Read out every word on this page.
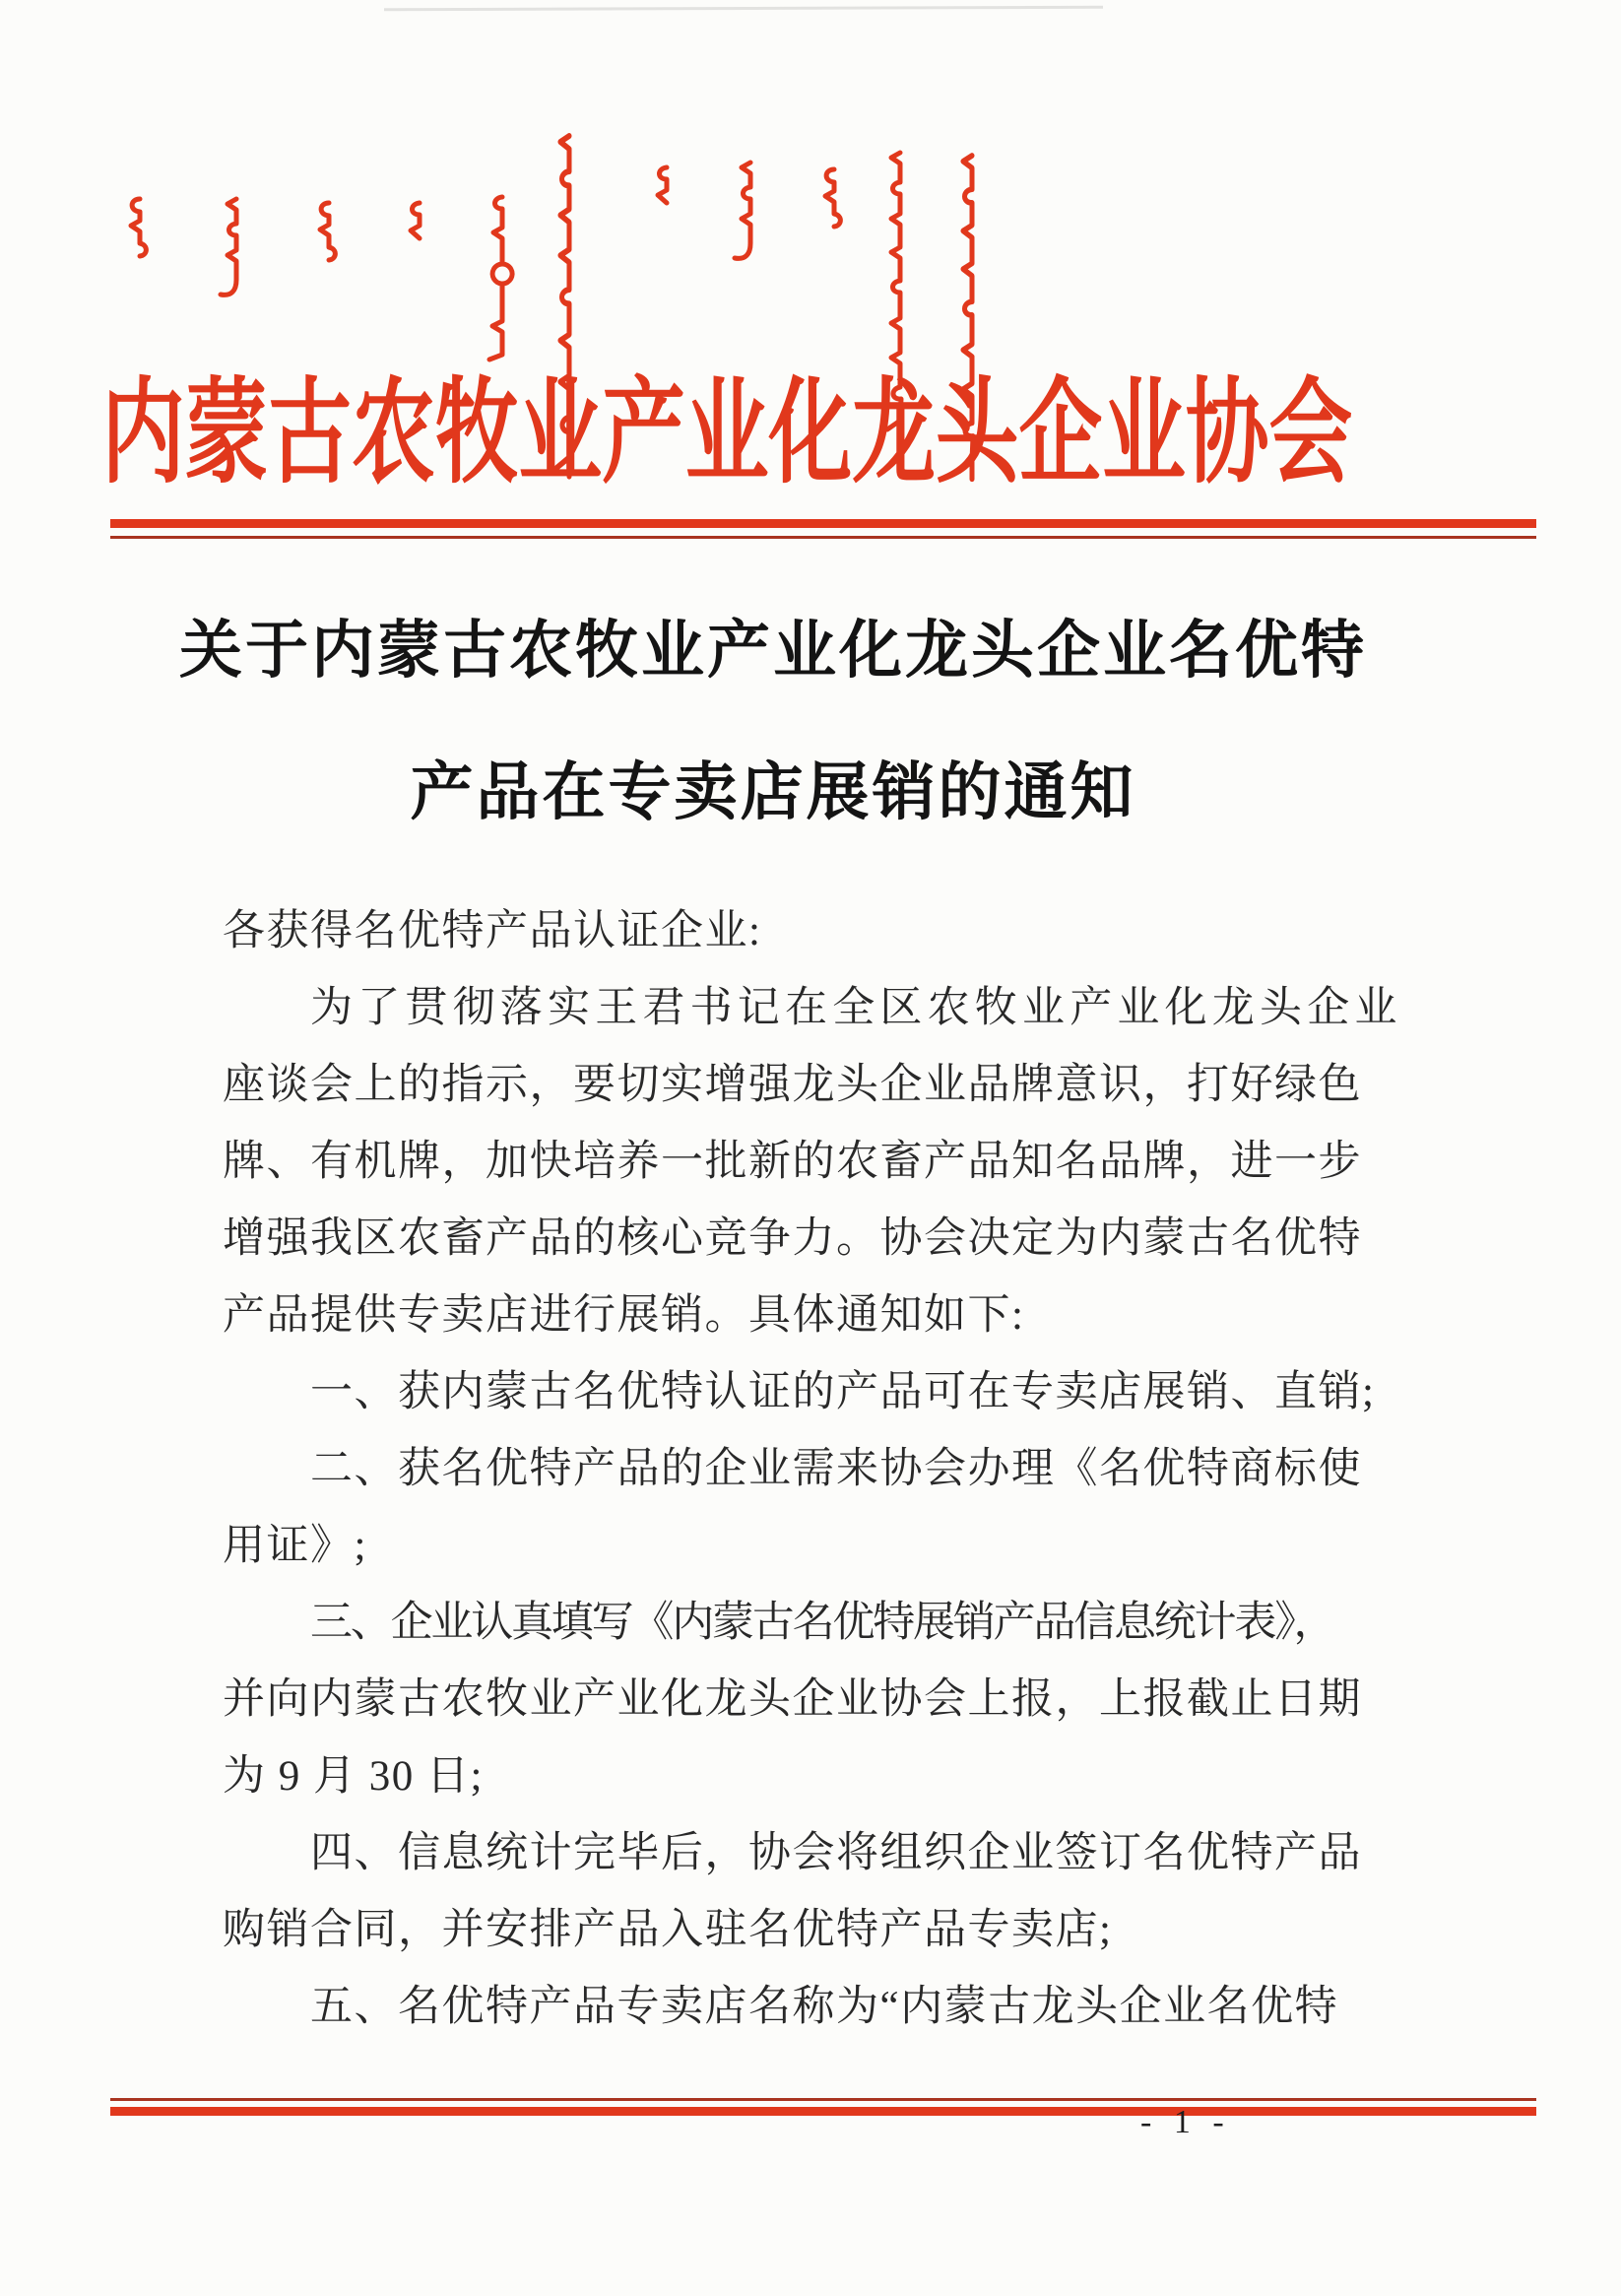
内蒙古农牧业产业化龙头企业协会
关于内蒙古农牧业产业化龙头企业名优特
产品在专卖店展销的通知

各获得名优特产品认证企业:

为了贯彻落实王君书记在全区农牧业产业化龙头企业

座谈会上的指示，要切实增强龙头企业品牌意识，打好绿色

牌、有机牌，加快培养一批新的农畜产品知名品牌，进一步

增强我区农畜产品的核心竞争力。协会决定为内蒙古名优特

产品提供专卖店进行展销。具体通知如下:

一、获内蒙古名优特认证的产品可在专卖店展销、直销;

二、获名优特产品的企业需来协会办理《名优特商标使

用证》;

三、企业认真填写《内蒙古名优特展销产品信息统计表》，

并向内蒙古农牧业产业化龙头企业协会上报，上报截止日期

为 9 月 30 日;

四、信息统计完毕后，协会将组织企业签订名优特产品

购销合同，并安排产品入驻名优特产品专卖店;

五、名优特产品专卖店名称为“内蒙古龙头企业名优特

- 1 -
